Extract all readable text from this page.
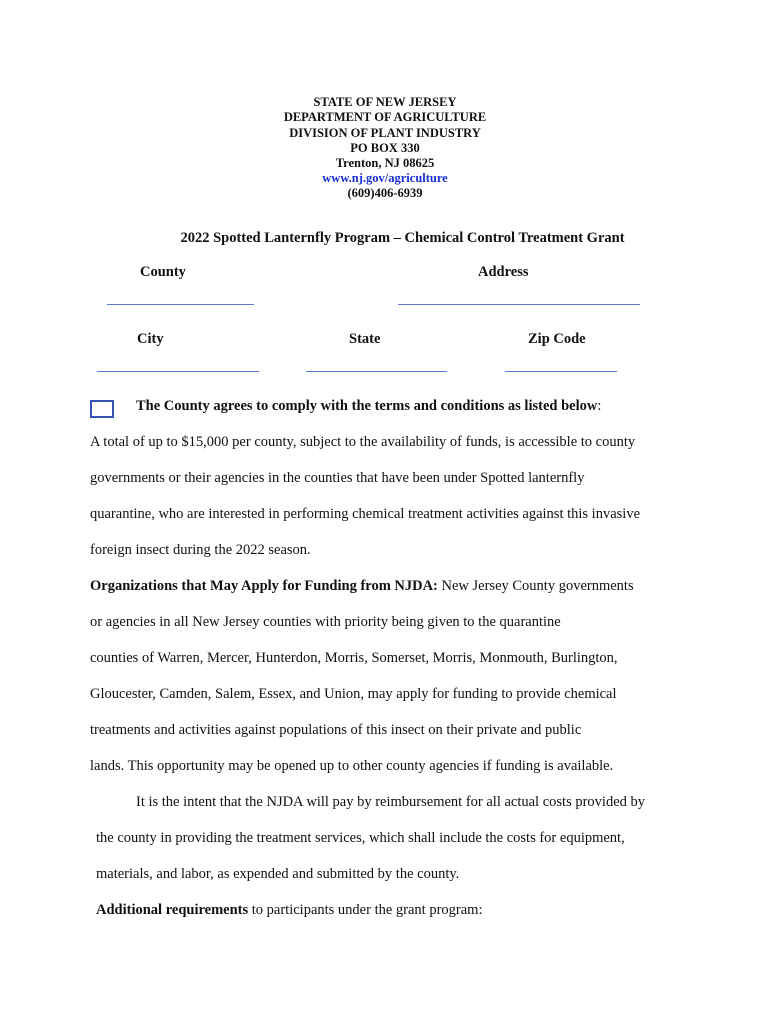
STATE OF NEW JERSEY
DEPARTMENT OF AGRICULTURE
DIVISION OF PLANT INDUSTRY
PO BOX 330
Trenton, NJ 08625
www.nj.gov/agriculture
(609)406-6939
2022 Spotted Lanternfly Program – Chemical Control Treatment Grant
County	Address
City	State	Zip Code
The County agrees to comply with the terms and conditions as listed below:
A total of up to $15,000 per county, subject to the availability of funds, is accessible to county
governments or their agencies in the counties that have been under Spotted lanternfly
quarantine, who are interested in performing chemical treatment activities against this invasive
foreign insect during the 2022 season.
Organizations that May Apply for Funding from NJDA: New Jersey County governments
or agencies in all New Jersey counties with priority being given to the quarantine
counties of Warren, Mercer, Hunterdon, Morris, Somerset, Morris, Monmouth, Burlington,
Gloucester, Camden, Salem, Essex, and Union, may apply for funding to provide chemical
treatments and activities against populations of this insect on their private and public
lands. This opportunity may be opened up to other county agencies if funding is available.
It is the intent that the NJDA will pay by reimbursement for all actual costs provided by
the county in providing the treatment services, which shall include the costs for equipment,
materials, and labor, as expended and submitted by the county.
Additional requirements to participants under the grant program:
